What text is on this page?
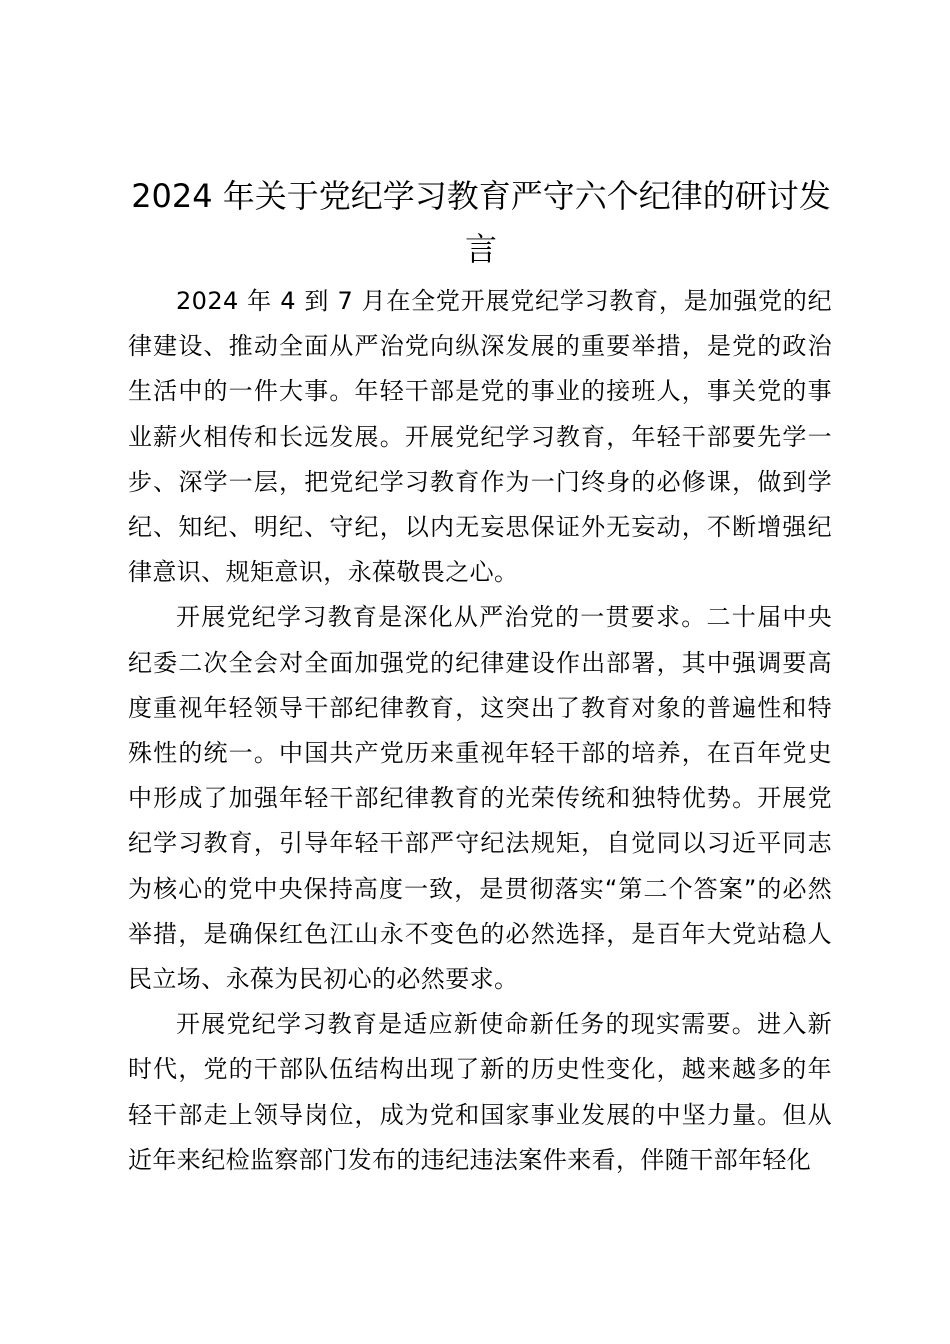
2024 年关于党纪学习教育严守六个纪律的研讨发言

2024 年 4 到 7 月在全党开展党纪学习教育，是加强党的纪律建设、推动全面从严治党向纵深发展的重要举措，是党的政治生活中的一件大事。年轻干部是党的事业的接班人，事关党的事业薪火相传和长远发展。开展党纪学习教育，年轻干部要先学一步、深学一层，把党纪学习教育作为一门终身的必修课，做到学纪、知纪、明纪、守纪，以内无妄思保证外无妄动，不断增强纪律意识、规矩意识，永葆敬畏之心。

开展党纪学习教育是深化从严治党的一贯要求。二十届中央纪委二次全会对全面加强党的纪律建设作出部署，其中强调要高度重视年轻领导干部纪律教育，这突出了教育对象的普遍性和特殊性的统一。中国共产党历来重视年轻干部的培养，在百年党史中形成了加强年轻干部纪律教育的光荣传统和独特优势。开展党纪学习教育，引导年轻干部严守纪法规矩，自觉同以习近平同志为核心的党中央保持高度一致，是贯彻落实“第二个答案”的必然举措，是确保红色江山永不变色的必然选择，是百年大党站稳人民立场、永葆为民初心的必然要求。

开展党纪学习教育是适应新使命新任务的现实需要。进入新时代，党的干部队伍结构出现了新的历史性变化，越来越多的年轻干部走上领导岗位，成为党和国家事业发展的中坚力量。但从近年来纪检监察部门发布的违纪违法案件来看，伴随干部年轻化
